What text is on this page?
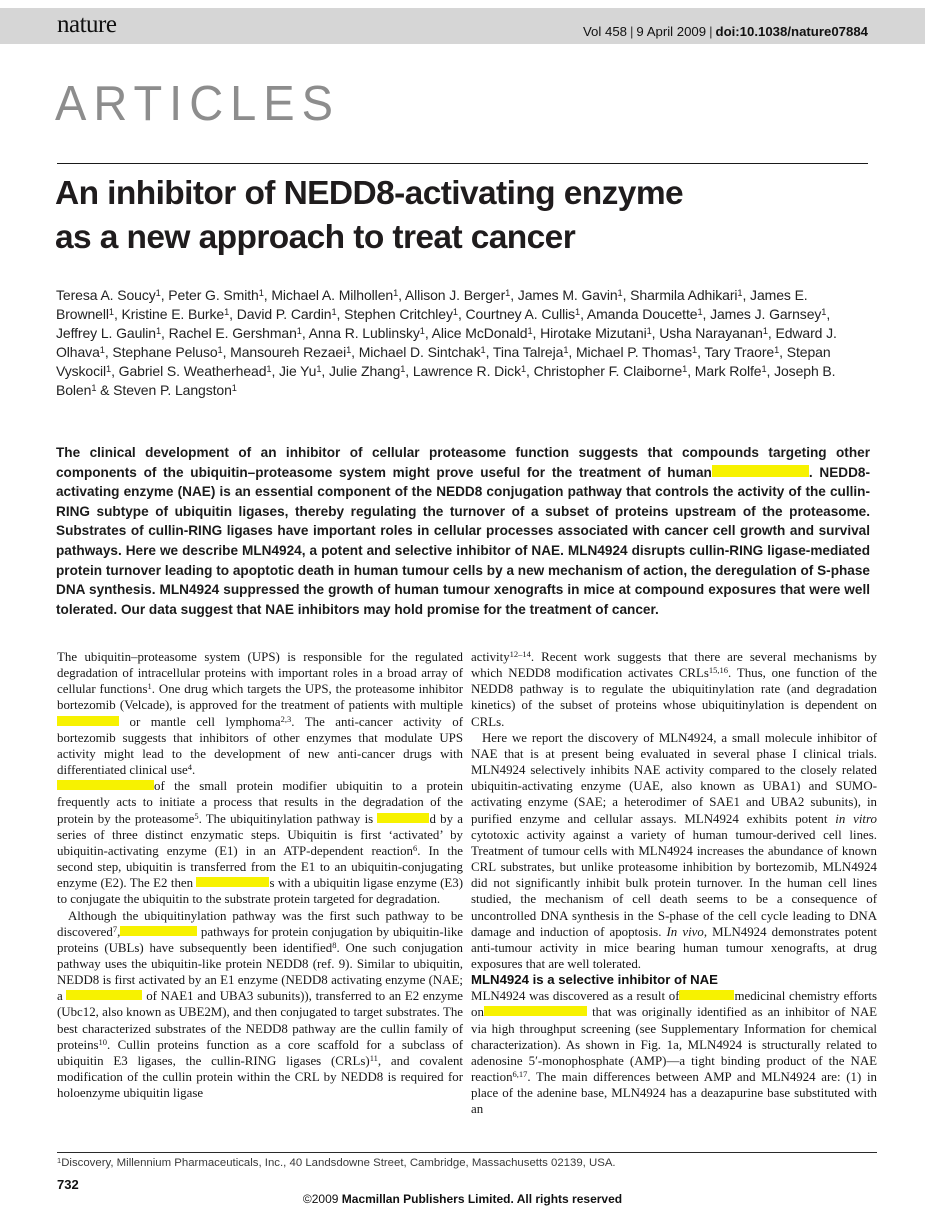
nature	Vol 458 | 9 April 2009 | doi:10.1038/nature07884
ARTICLES
An inhibitor of NEDD8-activating enzyme
as a new approach to treat cancer
Teresa A. Soucy$^1$, Peter G. Smith$^1$, Michael A. Milhollen$^1$, Allison J. Berger$^1$, James M. Gavin$^1$, Sharmila Adhikari$^1$, James E. Brownell$^1$, Kristine E. Burke$^1$, David P. Cardin$^1$, Stephen Critchley$^1$, Courtney A. Cullis$^1$, Amanda Doucette$^1$, James J. Garnsey$^1$, Jeffrey L. Gaulin$^1$, Rachel E. Gershman$^1$, Anna R. Lublinsky$^1$, Alice McDonald$^1$, Hirotake Mizutani$^1$, Usha Narayanan$^1$, Edward J. Olhava$^1$, Stephane Peluso$^1$, Mansoureh Rezaei$^1$, Michael D. Sintchak$^1$, Tina Talreja$^1$, Michael P. Thomas$^1$, Tary Traore$^1$, Stepan Vyskocil$^1$, Gabriel S. Weatherhead$^1$, Jie Yu$^1$, Julie Zhang$^1$, Lawrence R. Dick$^1$, Christopher F. Claiborne$^1$, Mark Rolfe$^1$, Joseph B. Bolen$^1$ & Steven P. Langston$^1$
The clinical development of an inhibitor of cellular proteasome function suggests that compounds targeting other components of the ubiquitin–proteasome system might prove useful for the treatment of human	. NEDD8-activating enzyme (NAE) is an essential component of the NEDD8 conjugation pathway that controls the activity of the cullin-RING subtype of ubiquitin ligases, thereby regulating the turnover of a subset of proteins upstream of the proteasome. Substrates of cullin-RING ligases have important roles in cellular processes associated with cancer cell growth and survival pathways. Here we describe MLN4924, a potent and selective inhibitor of NAE. MLN4924 disrupts cullin-RING ligase-mediated protein turnover leading to apoptotic death in human tumour cells by a new mechanism of action, the deregulation of S-phase DNA synthesis. MLN4924 suppressed the growth of human tumour xenografts in mice at compound exposures that were well tolerated. Our data suggest that NAE inhibitors may hold promise for the treatment of cancer.

The ubiquitin–proteasome system (UPS) is responsible for the regulated degradation of intracellular proteins with important roles in a broad array of cellular functions$^1$. One drug which targets the UPS, the proteasome inhibitor bortezomib (Velcade), is approved for the treatment of patients with multiple  or mantle cell lymphoma$^{2,3}$. The anti-cancer activity of bortezomib suggests that inhibitors of other enzymes that modulate UPS activity might lead to the development of new anti-cancer drugs with differentiated clinical use$^4$.

of the small protein modifier ubiquitin to a protein frequently acts to initiate a process that results in the degradation of the protein by the proteasome$^5$. The ubiquitinylation pathway is	d by a series of three distinct enzymatic steps. Ubiquitin is first ‘activated’ by ubiquitin-activating enzyme (E1) in an ATP-dependent reaction$^6$. In the second step, ubiquitin is transferred from the E1 to an ubiquitin-conjugating enzyme (E2). The E2 then	s with a ubiquitin ligase enzyme (E3) to conjugate the ubiquitin to the substrate protein targeted for degradation.

Although the ubiquitinylation pathway was the first such pathway to be discovered$^7$,	pathways for protein conjugation by ubiquitin-like proteins (UBLs) have subsequently been identified$^8$. One such conjugation pathway uses the ubiquitin-like protein NEDD8 (ref. 9). Similar to ubiquitin, NEDD8 is first activated by an E1 enzyme (NEDD8 activating enzyme (NAE; a	of NAE1 and UBA3 subunits)), transferred to an E2 enzyme (Ubc12, also known as UBE2M), and then conjugated to target substrates. The best characterized substrates of the NEDD8 pathway are the cullin family of proteins$^{10}$. Cullin proteins function as a core scaffold for a subclass of ubiquitin E3 ligases, the cullin-RING ligases (CRLs)$^{11}$, and covalent modification of the cullin protein within the CRL by NEDD8 is required for holoenzyme ubiquitin ligase

activity$^{12-14}$. Recent work suggests that there are several mechanisms by which NEDD8 modification activates CRLs$^{15,16}$. Thus, one function of the NEDD8 pathway is to regulate the ubiquitinylation rate (and degradation kinetics) of the subset of proteins whose ubiquitinylation is dependent on CRLs.

Here we report the discovery of MLN4924, a small molecule inhibitor of NAE that is at present being evaluated in several phase I clinical trials. MLN4924 selectively inhibits NAE activity compared to the closely related ubiquitin-activating enzyme (UAE, also known as UBA1) and SUMO-activating enzyme (SAE; a heterodimer of SAE1 and UBA2 subunits), in purified enzyme and cellular assays. MLN4924 exhibits potent in vitro cytotoxic activity against a variety of human tumour-derived cell lines. Treatment of tumour cells with MLN4924 increases the abundance of known CRL substrates, but unlike proteasome inhibition by bortezomib, MLN4924 did not significantly inhibit bulk protein turnover. In the human cell lines studied, the mechanism of cell death seems to be a consequence of uncontrolled DNA synthesis in the S-phase of the cell cycle leading to DNA damage and induction of apoptosis. In vivo, MLN4924 demonstrates potent anti-tumour activity in mice bearing human tumour xenografts, at drug exposures that are well tolerated.

MLN4924 is a selective inhibitor of NAE

MLN4924 was discovered as a result of	medicinal chemistry efforts on	that was originally identified as an inhibitor of NAE via high throughput screening (see Supplementary Information for chemical characterization). As shown in Fig. 1a, MLN4924 is structurally related to adenosine 5′-monophosphate (AMP)—a tight binding product of the NAE reaction$^{6,17}$. The main differences between AMP and MLN4924 are: (1) in place of the adenine base, MLN4924 has a deazapurine base substituted with an

$^1$Discovery, Millennium Pharmaceuticals, Inc., 40 Landsdowne Street, Cambridge, Massachusetts 02139, USA.
732
©2009 Macmillan Publishers Limited. All rights reserved
